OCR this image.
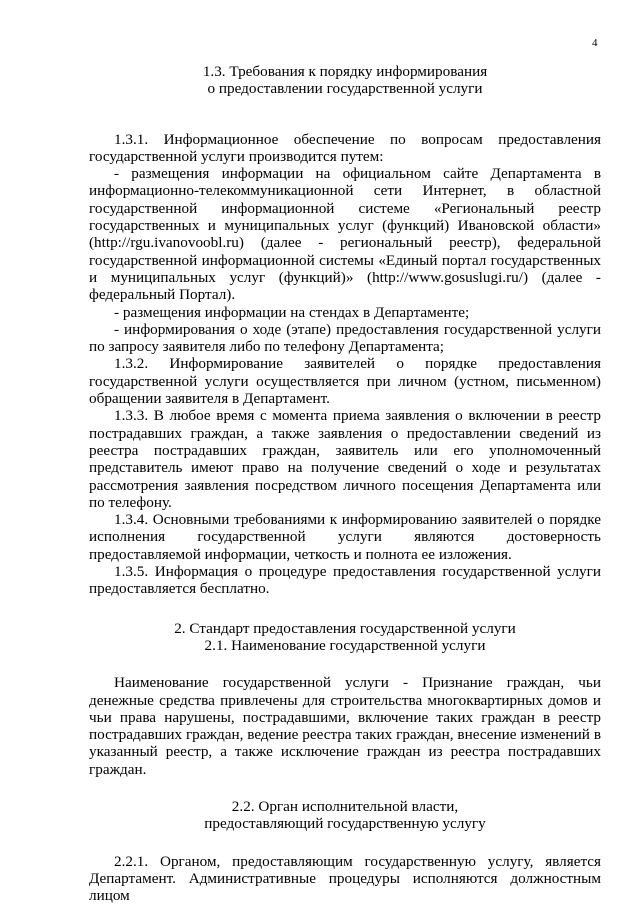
4

1.3. Требования к порядку информирования
о предоставлении государственной услуги

1.3.1. Информационное обеспечение по вопросам предоставления государственной услуги производится путем:

- размещения информации на официальном сайте Департамента в информационно-телекоммуникационной сети Интернет, в областной государственной информационной системе «Региональный реестр государственных и муниципальных услуг (функций) Ивановской области» (http://rgu.ivanovoobl.ru) (далее - региональный реестр), федеральной государственной информационной системы «Единый портал государственных и муниципальных услуг (функций)» (http://www.gosuslugi.ru/) (далее - федеральный Портал).

- размещения информации на стендах в Департаменте;

- информирования о ходе (этапе) предоставления государственной услуги по запросу заявителя либо по телефону Департамента;

1.3.2. Информирование заявителей о порядке предоставления государственной услуги осуществляется при личном (устном, письменном) обращении заявителя в Департамент.

1.3.3. В любое время с момента приема заявления о включении в реестр пострадавших граждан, а также заявления о предоставлении сведений из реестра пострадавших граждан, заявитель или его уполномоченный представитель имеют право на получение сведений о ходе и результатах рассмотрения заявления посредством личного посещения Департамента или по телефону.

1.3.4. Основными требованиями к информированию заявителей о порядке исполнения государственной услуги являются достоверность предоставляемой информации, четкость и полнота ее изложения.

1.3.5. Информация о процедуре предоставления государственной услуги предоставляется бесплатно.

2. Стандарт предоставления государственной услуги
2.1. Наименование государственной услуги

Наименование государственной услуги - Признание граждан, чьи денежные средства привлечены для строительства многоквартирных домов и чьи права нарушены, пострадавшими, включение таких граждан в реестр пострадавших граждан, ведение реестра таких граждан, внесение изменений в указанный реестр, а также исключение граждан из реестра пострадавших граждан.

2.2. Орган исполнительной власти,
предоставляющий государственную услугу

2.2.1. Органом, предоставляющим государственную услугу, является Департамент. Административные процедуры исполняются должностным лицом
